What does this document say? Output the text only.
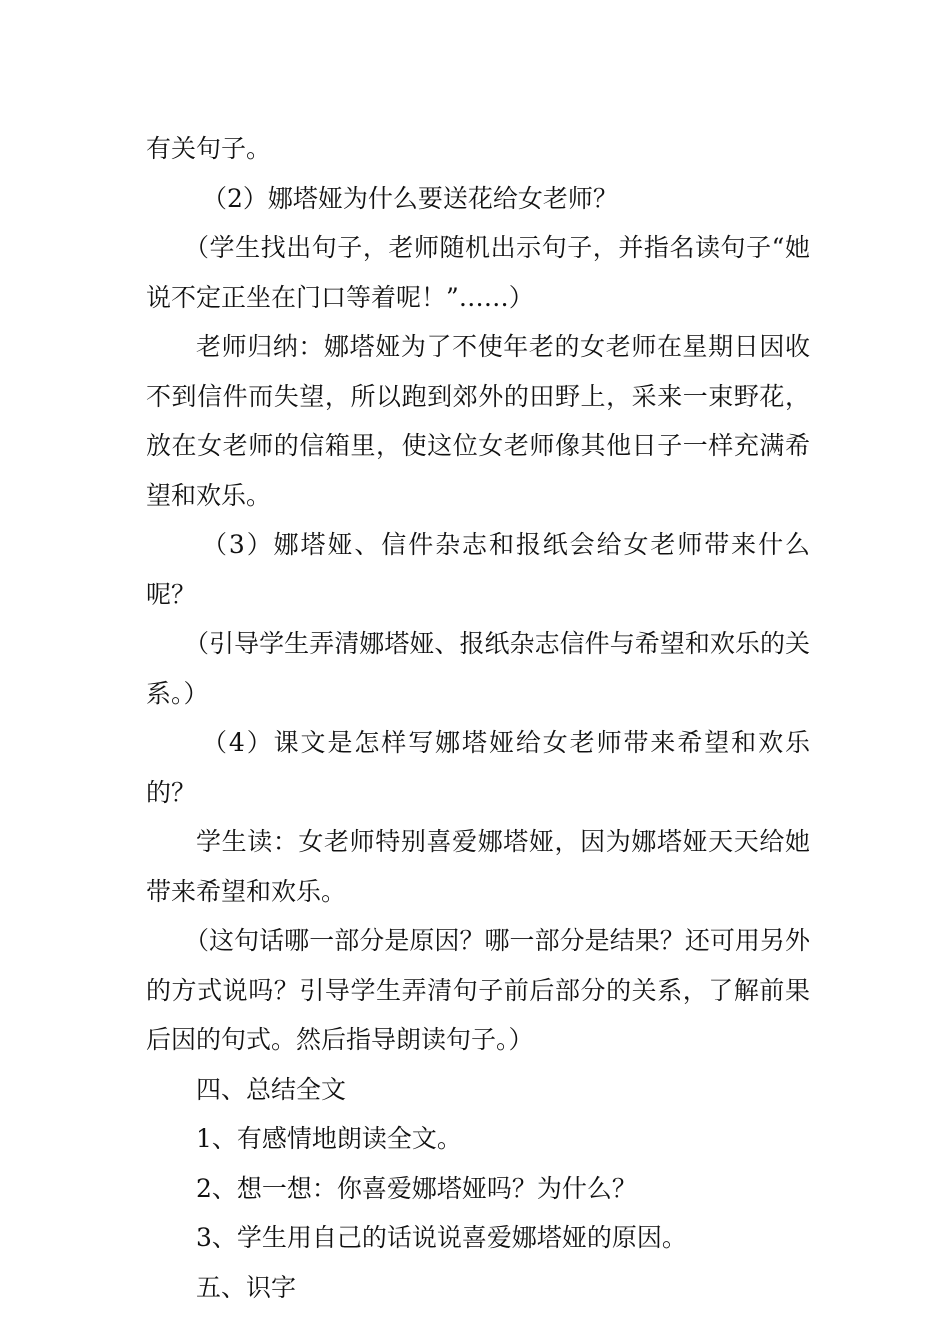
有关句子。

（2）娜塔娅为什么要送花给女老师？

（学生找出句子，老师随机出示句子，并指名读句子“她说不定正坐在门口等着呢！”……）

老师归纳：娜塔娅为了不使年老的女老师在星期日因收不到信件而失望，所以跑到郊外的田野上，采来一束野花，放在女老师的信箱里，使这位女老师像其他日子一样充满希望和欢乐。

（3）娜塔娅、信件杂志和报纸会给女老师带来什么呢？

（引导学生弄清娜塔娅、报纸杂志信件与希望和欢乐的关系。）

（4）课文是怎样写娜塔娅给女老师带来希望和欢乐的？

学生读：女老师特别喜爱娜塔娅，因为娜塔娅天天给她带来希望和欢乐。

（这句话哪一部分是原因？哪一部分是结果？还可用另外的方式说吗？引导学生弄清句子前后部分的关系，了解前果后因的句式。然后指导朗读句子。）

四、总结全文

1、有感情地朗读全文。

2、想一想：你喜爱娜塔娅吗？为什么？

3、学生用自己的话说说喜爱娜塔娅的原因。

五、识字
